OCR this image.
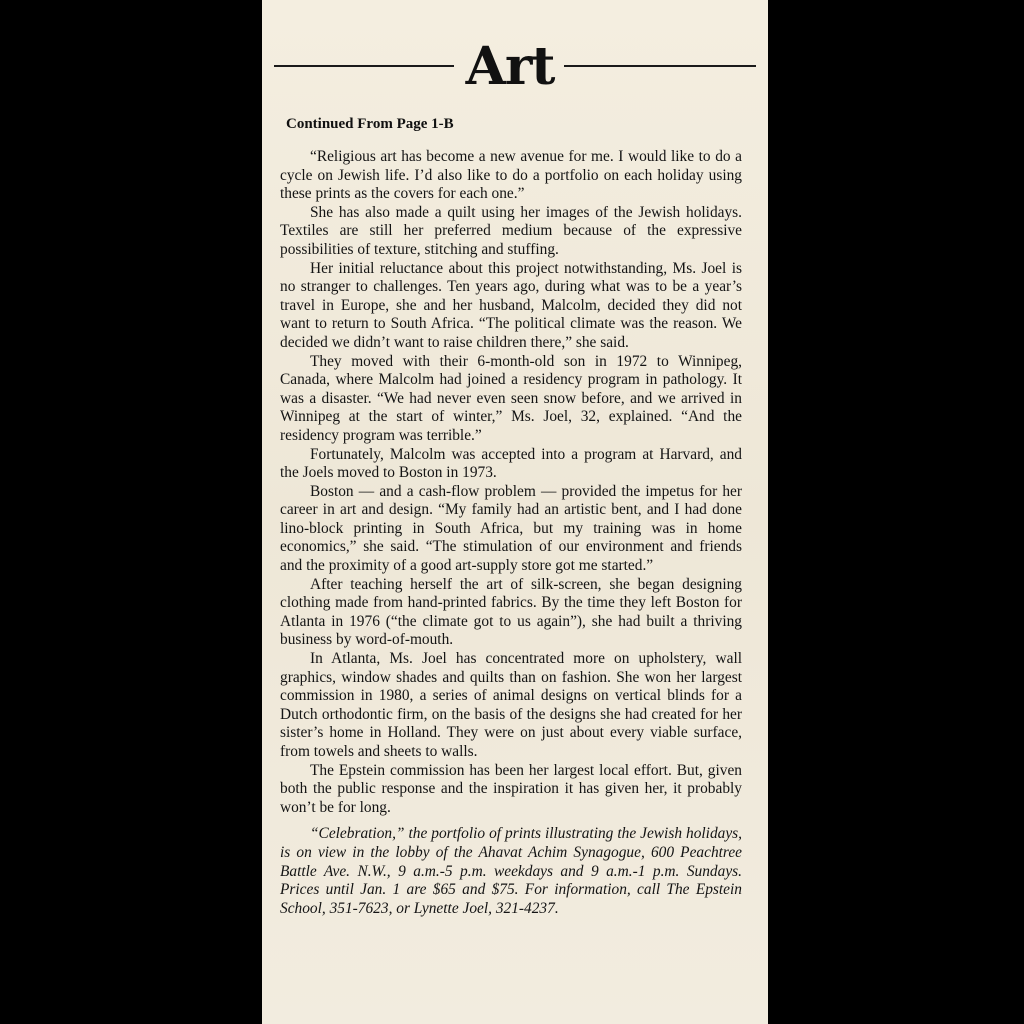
Art
Continued From Page 1-B

“Religious art has become a new avenue for me. I would like to do a cycle on Jewish life. I’d also like to do a portfolio on each holiday using these prints as the covers for each one.”

She has also made a quilt using her images of the Jewish holidays. Textiles are still her preferred medium because of the expressive possibilities of texture, stitching and stuffing.

Her initial reluctance about this project notwithstanding, Ms. Joel is no stranger to challenges. Ten years ago, during what was to be a year’s travel in Europe, she and her husband, Malcolm, decided they did not want to return to South Africa. “The political climate was the reason. We decided we didn’t want to raise children there,” she said.

They moved with their 6-month-old son in 1972 to Winnipeg, Canada, where Malcolm had joined a residency program in pathology. It was a disaster. “We had never even seen snow before, and we arrived in Winnipeg at the start of winter,” Ms. Joel, 32, explained. “And the residency program was terrible.”

Fortunately, Malcolm was accepted into a program at Harvard, and the Joels moved to Boston in 1973.

Boston — and a cash-flow problem — provided the impetus for her career in art and design. “My family had an artistic bent, and I had done lino-block printing in South Africa, but my training was in home economics,” she said. “The stimulation of our environment and friends and the proximity of a good art-supply store got me started.”

After teaching herself the art of silk-screen, she began designing clothing made from hand-printed fabrics. By the time they left Boston for Atlanta in 1976 (“the climate got to us again”), she had built a thriving business by word-of-mouth.

In Atlanta, Ms. Joel has concentrated more on upholstery, wall graphics, window shades and quilts than on fashion. She won her largest commission in 1980, a series of animal designs on vertical blinds for a Dutch orthodontic firm, on the basis of the designs she had created for her sister’s home in Holland. They were on just about every viable surface, from towels and sheets to walls.

The Epstein commission has been her largest local effort. But, given both the public response and the inspiration it has given her, it probably won’t be for long.

“Celebration,” the portfolio of prints illustrating the Jewish holidays, is on view in the lobby of the Ahavat Achim Synagogue, 600 Peachtree Battle Ave. N.W., 9 a.m.-5 p.m. weekdays and 9 a.m.-1 p.m. Sundays. Prices until Jan. 1 are $65 and $75. For information, call The Epstein School, 351-7623, or Lynette Joel, 321-4237.
